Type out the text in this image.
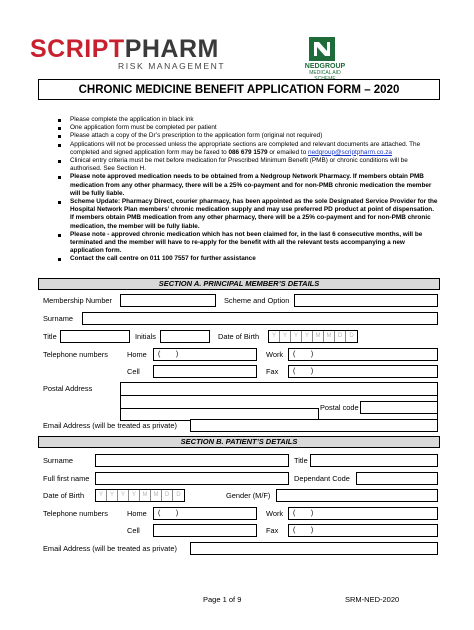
SCRIPTPHARM
RISK MANAGEMENT	NEDGROUP
MEDICAL AID
SCHEME
CHRONIC MEDICINE BENEFIT APPLICATION FORM – 2020
Please complete the application in black ink
One application form must be completed per patient
Please attach a copy of the Dr’s prescription to the application form (original not required)
Applications will not be processed unless the appropriate sections are completed and relevant documents are attached. The completed and signed application form may be faxed to 086 679 1579 or emailed to nedgroup@scriptpharm.co.za
Clinical entry criteria must be met before medication for Prescribed Minimum Benefit (PMB) or chronic conditions will be authorised. See Section H.
Please note approved medication needs to be obtained from a Nedgroup Network Pharmacy. If members obtain PMB medication from any other pharmacy, there will be a 25% co-payment and for non-PMB chronic medication the member will be fully liable.
Scheme Update: Pharmacy Direct, courier pharmacy, has been appointed as the sole Designated Service Provider for the Hospital Network Plan members’ chronic medication supply and may use preferred PD product at point of dispensation. If members obtain PMB medication from any other pharmacy, there will be a 25% co-payment and for non-PMB chronic medication, the member will be fully liable.
Please note - approved chronic medication which has not been claimed for, in the last 6 consecutive months, will be terminated and the member will have to re-apply for the benefit with all the relevant tests accompanying a new application form.
Contact the call centre on 011 100 7557 for further assistance
SECTION A. PRINCIPAL MEMBER’S DETAILS
Membership Number	Scheme and Option
Surname
Title	Initials	Date of Birth	Y	Y	Y	Y	M	M	D	D
Telephone numbers	Home	(        )	Work	(        )
Cell	Fax	(        )
Postal Address
Postal code
Email Address (will be treated as private)
SECTION B. PATIENT’S DETAILS
Surname	Title
Full first name	Dependant Code
Date of Birth	Y	Y	Y	Y	M	M	D	D	Gender (M/F)
Telephone numbers	Home	(        )	Work	(        )
Cell	Fax	(        )
Email Address (will be treated as private)
Page 1 of 9	SRM-NED-2020
